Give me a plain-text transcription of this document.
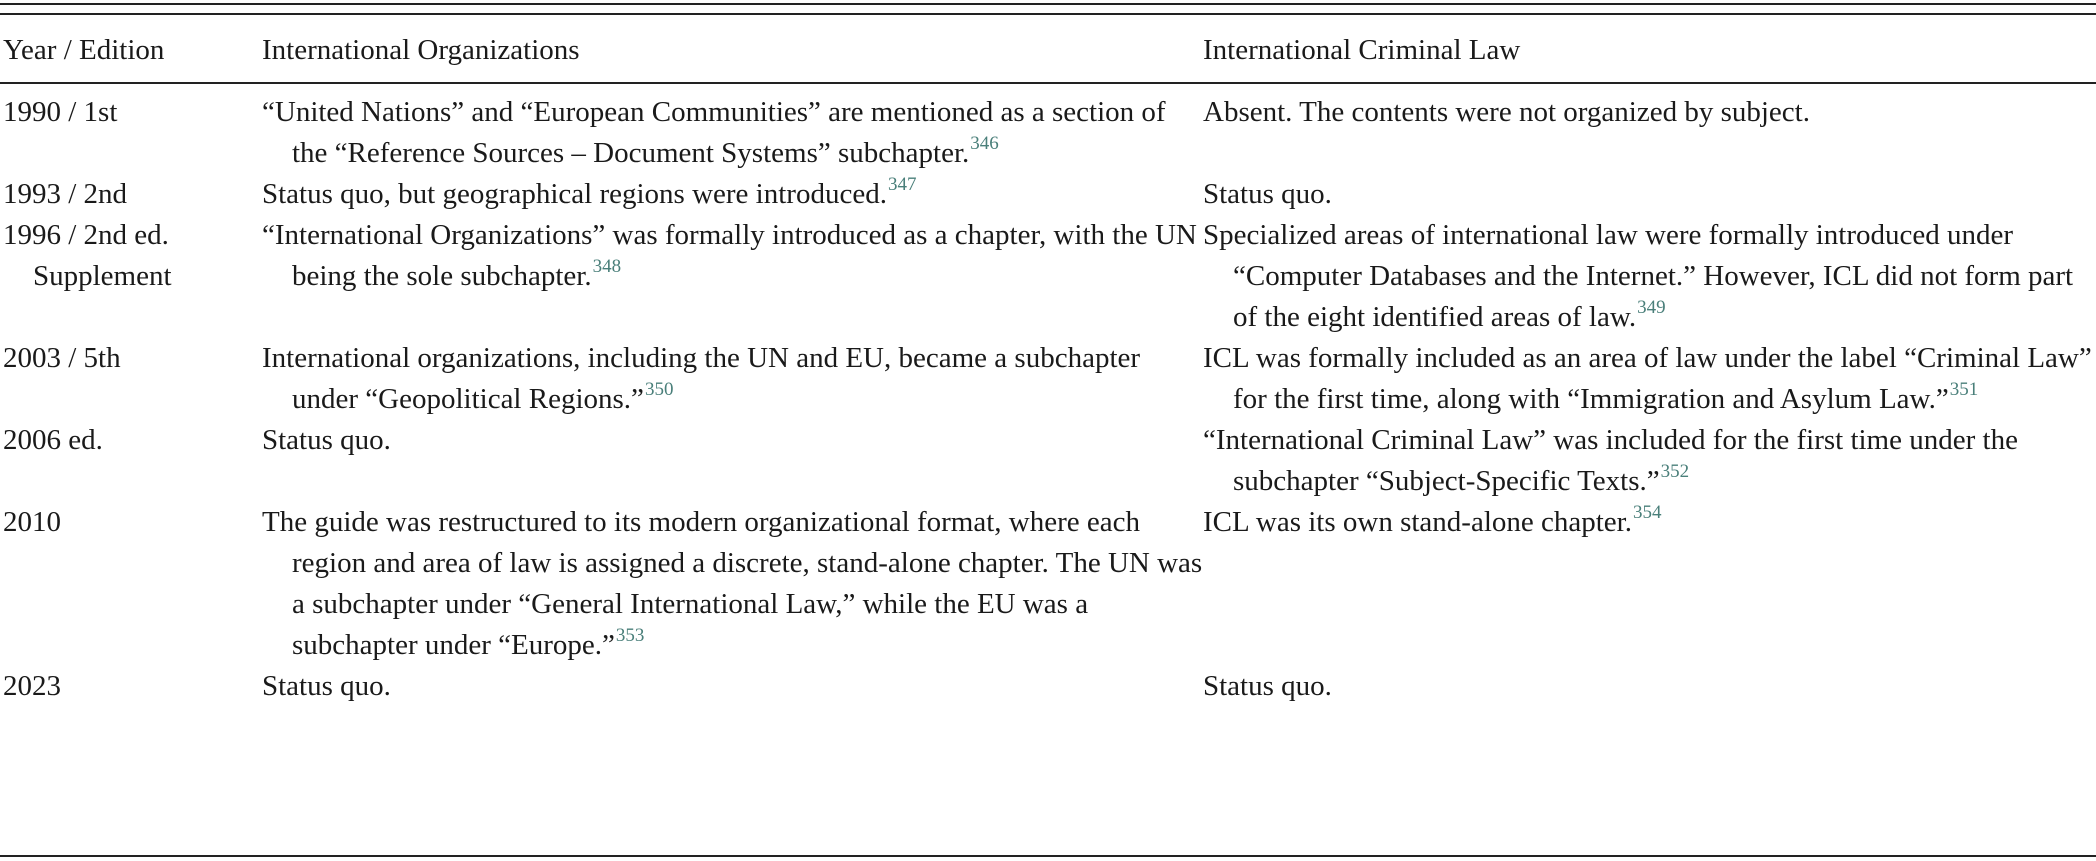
Year / Edition	International Organizations	International Criminal Law

1990 / 1st	“United Nations” and “European Communities” are mentioned as a section of the “Reference Sources – Document Systems” subchapter.$^{346}$	Absent. The contents were not organized by subject.

1993 / 2nd	Status quo, but geographical regions were introduced.$^{347}$	Status quo.

1996 / 2nd ed.
Supplement	“International Organizations” was formally introduced as a chapter, with the UN being the sole subchapter.$^{348}$	Specialized areas of international law were formally introduced under “Computer Databases and the Internet.” However, ICL did not form part of the eight identified areas of law.$^{349}$

2003 / 5th	International organizations, including the UN and EU, became a subchapter under “Geopolitical Regions.”$^{350}$	ICL was formally included as an area of law under the label “Criminal Law” for the first time, along with “Immigration and Asylum Law.”$^{351}$

2006 ed.	Status quo.	“International Criminal Law” was included for the first time under the subchapter “Subject-Specific Texts.”$^{352}$

2010	The guide was restructured to its modern organizational format, where each region and area of law is assigned a discrete, stand-alone chapter. The UN was a subchapter under “General International Law,” while the EU was a subchapter under “Europe.”$^{353}$	ICL was its own stand-alone chapter.$^{354}$

2023	Status quo.	Status quo.
